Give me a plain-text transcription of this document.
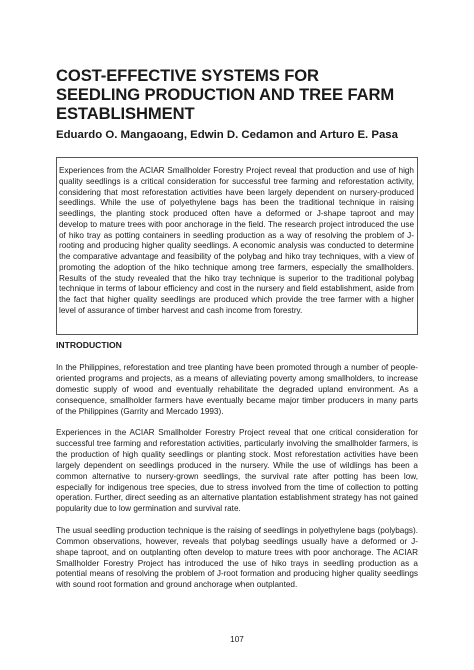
COST-EFFECTIVE SYSTEMS FOR
SEEDLING PRODUCTION AND TREE FARM
ESTABLISHMENT

Eduardo O. Mangaoang, Edwin D. Cedamon and Arturo E. Pasa

Experiences from the ACIAR Smallholder Forestry Project reveal that production and use of high quality seedlings is a critical consideration for successful tree farming and reforestation activity, considering that most reforestation activities have been largely dependent on nursery-produced seedlings. While the use of polyethylene bags has been the traditional technique in raising seedlings, the planting stock produced often have a deformed or J-shape taproot and may develop to mature trees with poor anchorage in the field. The research project introduced the use of hiko tray as potting containers in seedling production as a way of resolving the problem of J-rooting and producing higher quality seedlings. A economic analysis was conducted to determine the comparative advantage and feasibility of the polybag and hiko tray techniques, with a view of promoting the adoption of the hiko technique among tree farmers, especially the smallholders. Results of the study revealed that the hiko tray technique is superior to the traditional polybag technique in terms of labour efficiency and cost in the nursery and field establishment, aside from the fact that higher quality seedlings are produced which provide the tree farmer with a higher level of assurance of timber harvest and cash income from forestry.

INTRODUCTION

In the Philippines, reforestation and tree planting have been promoted through a number of people-oriented programs and projects, as a means of alleviating poverty among smallholders, to increase domestic supply of wood and eventually rehabilitate the degraded upland environment. As a consequence, smallholder farmers have eventually became major timber producers in many parts of the Philippines (Garrity and Mercado 1993).

Experiences in the ACIAR Smallholder Forestry Project reveal that one critical consideration for successful tree farming and reforestation activities, particularly involving the smallholder farmers, is the production of high quality seedlings or planting stock. Most reforestation activities have been largely dependent on seedlings produced in the nursery. While the use of wildlings has been a common alternative to nursery-grown seedlings, the survival rate after potting has been low, especially for indigenous tree species, due to stress involved from the time of collection to potting operation. Further, direct seeding as an alternative plantation establishment strategy has not gained popularity due to low germination and survival rate.

The usual seedling production technique is the raising of seedlings in polyethylene bags (polybags). Common observations, however, reveals that polybag seedlings usually have a deformed or J-shape taproot, and on outplanting often develop to mature trees with poor anchorage. The ACIAR Smallholder Forestry Project has introduced the use of hiko trays in seedling production as a potential means of resolving the problem of J-root formation and producing higher quality seedlings with sound root formation and ground anchorage when outplanted.

107
